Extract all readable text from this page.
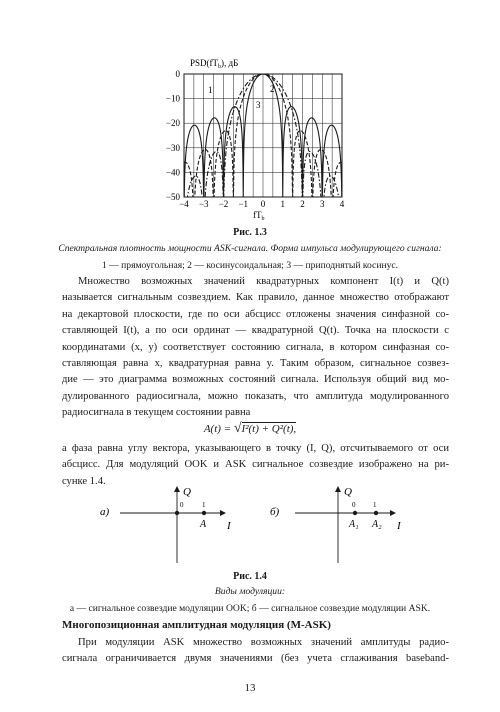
$PSD(fT_b)$, дБ
0
−10
−20
−30
−40
−50
−4 −3 −2 −1 0 1 2 3 4
$fT_b$
1	2
3
Рис. 1.3
Спектральная плотность мощности ASK-сигнала. Форма импульса модулирующего сигнала:
1 — прямоугольная; 2 — косинусоидальная; 3 — приподнятый косинус.
Множество возможных значений квадратурных компонент I(t) и Q(t)
называется сигнальным созвездием. Как правило, данное множество отображают
на декартовой плоскости, где по оси абсцисс отложены значения синфазной со-
ставляющей I(t), а по оси ординат — квадратурной Q(t). Точка на плоскости с
координатами (x, y) соответствует состоянию сигнала, в котором синфазная со-
ставляющая равна x, квадратурная равна y. Таким образом, сигнальное созвез-
дие — это диаграмма возможных состояний сигнала. Используя общий вид мо-
дулированного радиосигнала, можно показать, что амплитуда модулированного
радиосигнала в текущем состоянии равна
A(t) = √I²(t) + Q²(t),
а фаза равна углу вектора, указывающего в точку (I, Q), отсчитываемого от оси
абсцисс. Для модуляций OOK и ASK сигнальное созвездие изображено на ри-
сунке 1.4.
а)
Q
I
0	1
A
б)
Q
I
0	1
A₁ A₂
Рис. 1.4
Виды модуляции:
а — сигнальное созвездие модуляции OOK; б — сигнальное созвездие модуляции ASK.
Многопозиционная амплитудная модуляция (M-ASK)
При модуляции ASK множество возможных значений амплитуды радио-
сигнала ограничивается двумя значениями (без учета сглаживания baseband-
13
